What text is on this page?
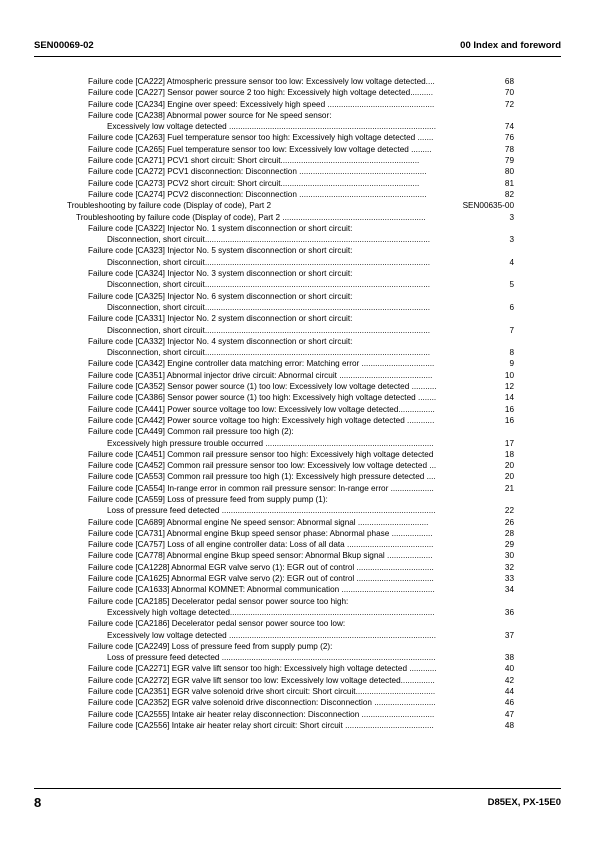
SEN00069-02	00 Index and foreword
Failure code [CA222] Atmospheric pressure sensor too low: Excessively low voltage detected....	68
Failure code [CA227] Sensor power source 2 too high: Excessively high voltage detected..........	70
Failure code [CA234] Engine over speed: Excessively high speed ...............................................	72
Failure code [CA238] Abnormal power source for Ne speed sensor:
Excessively low voltage detected ...........................................................................................	74
Failure code [CA263] Fuel temperature sensor too high: Excessively high voltage detected .......	76
Failure code [CA265] Fuel temperature sensor too low: Excessively low voltage detected .........	78
Failure code [CA271] PCV1 short circuit: Short circuit.............................................................	79
Failure code [CA272] PCV1 disconnection: Disconnection ........................................................	80
Failure code [CA273] PCV2 short circuit: Short circuit.............................................................	81
Failure code [CA274] PCV2 disconnection: Disconnection ........................................................	82
Troubleshooting by failure code (Display of code), Part 2	SEN00635-00
Troubleshooting by failure code (Display of code), Part 2 ...............................................................	3
Failure code [CA322] Injector No. 1 system disconnection or short circuit:
Disconnection, short circuit...................................................................................................	3
Failure code [CA323] Injector No. 5 system disconnection or short circuit:
Disconnection, short circuit...................................................................................................	4
Failure code [CA324] Injector No. 3 system disconnection or short circuit:
Disconnection, short circuit...................................................................................................	5
Failure code [CA325] Injector No. 6 system disconnection or short circuit:
Disconnection, short circuit...................................................................................................	6
Failure code [CA331] Injector No. 2 system disconnection or short circuit:
Disconnection, short circuit...................................................................................................	7
Failure code [CA332] Injector No. 4 system disconnection or short circuit:
Disconnection, short circuit...................................................................................................	8
Failure code [CA342] Engine controller data matching error: Matching error ................................	9
Failure code [CA351] Abnormal injector drive circuit: Abnormal circuit .........................................	10
Failure code [CA352] Sensor power source (1) too low: Excessively low voltage detected ...........	12
Failure code [CA386] Sensor power source (1) too high: Excessively high voltage detected ........	14
Failure code [CA441] Power source voltage too low: Excessively low voltage detected................	16
Failure code [CA442] Power source voltage too high: Excessively high voltage detected ............	16
Failure code [CA449] Common rail pressure too high (2):
Excessively high pressure trouble occurred ..........................................................................	17
Failure code [CA451] Common rail pressure sensor too high: Excessively high voltage detected	18
Failure code [CA452] Common rail pressure sensor too low: Excessively low voltage detected ...	20
Failure code [CA553] Common rail pressure too high (1): Excessively high pressure detected ....	20
Failure code [CA554] In-range error in common rail pressure sensor: In-range error ...................	21
Failure code [CA559] Loss of pressure feed from supply pump (1):
Loss of pressure feed detected ..............................................................................................	22
Failure code [CA689] Abnormal engine Ne speed sensor: Abnormal signal ...............................	26
Failure code [CA731] Abnormal engine Bkup speed sensor phase: Abnormal phase ..................	28
Failure code [CA757] Loss of all engine controller data: Loss of all data ......................................	29
Failure code [CA778] Abnormal engine Bkup speed sensor: Abnormal Bkup signal ....................	30
Failure code [CA1228] Abnormal EGR valve servo (1): EGR out of control ..................................	32
Failure code [CA1625] Abnormal EGR valve servo (2): EGR out of control ..................................	33
Failure code [CA1633] Abnormal KOMNET: Abnormal communication .........................................	34
Failure code [CA2185] Decelerator pedal sensor power source too high:
Excessively high voltage detected..........................................................................................	36
Failure code [CA2186] Decelerator pedal sensor power source too low:
Excessively low voltage detected ...........................................................................................	37
Failure code [CA2249] Loss of pressure feed from supply pump (2):
Loss of pressure feed detected ..............................................................................................	38
Failure code [CA2271] EGR valve lift sensor too high: Excessively high voltage detected ............	40
Failure code [CA2272] EGR valve lift sensor too low: Excessively low voltage detected...............	42
Failure code [CA2351] EGR valve solenoid drive short circuit: Short circuit...................................	44
Failure code [CA2352] EGR valve solenoid drive disconnection: Disconnection ...........................	46
Failure code [CA2555] Intake air heater relay disconnection: Disconnection ................................	47
Failure code [CA2556] Intake air heater relay short circuit: Short circuit .......................................	48
8	D85EX, PX-15E0
